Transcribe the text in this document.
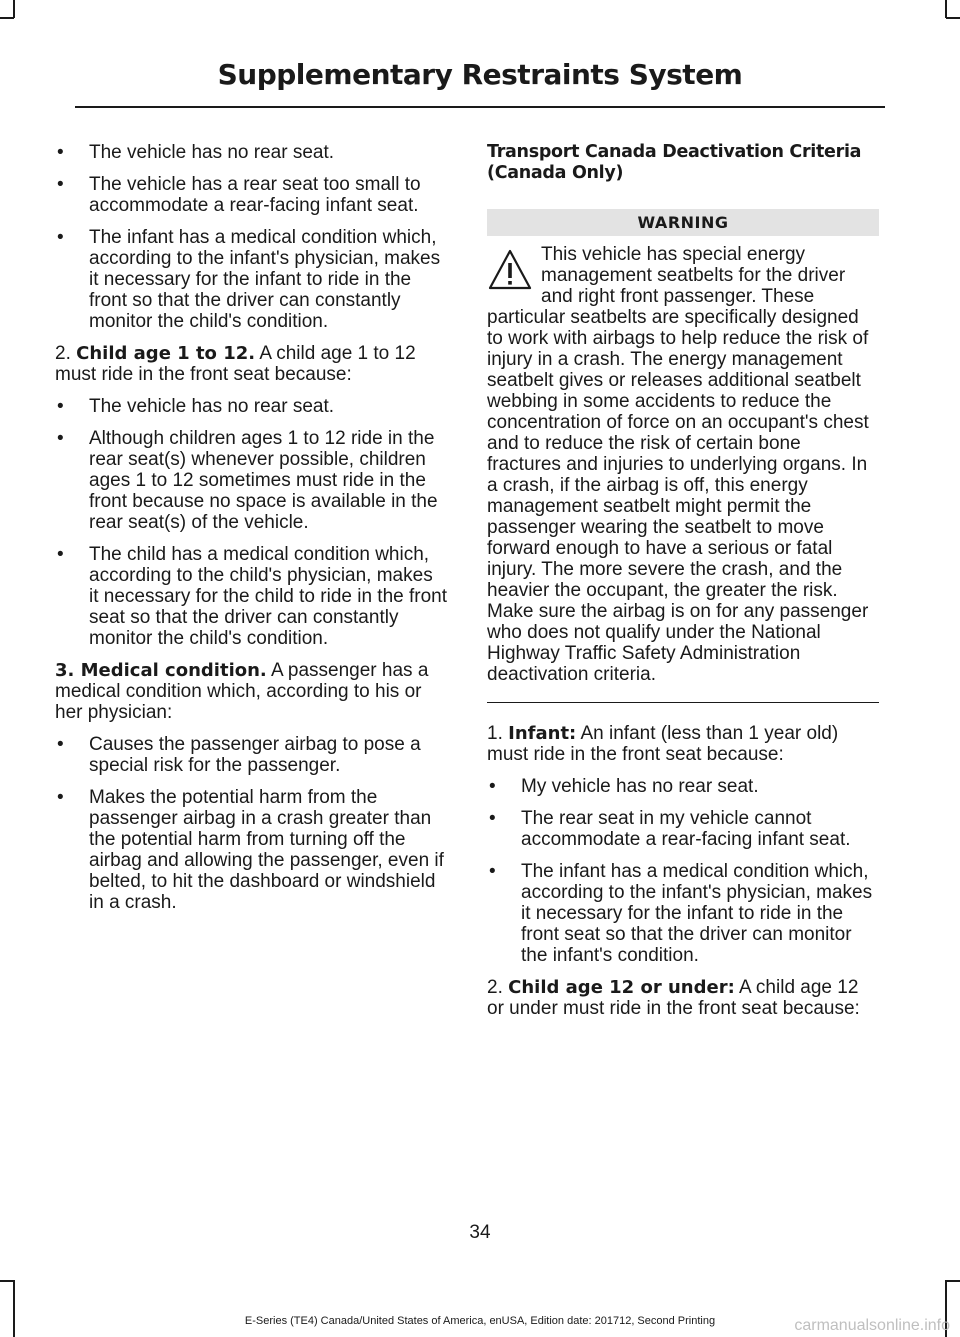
Supplementary Restraints System
• The vehicle has no rear seat.
• The vehicle has a rear seat too small to accommodate a rear-facing infant seat.
• The infant has a medical condition which, according to the infant's physician, makes it necessary for the infant to ride in the front so that the driver can constantly monitor the child's condition.

2. Child age 1 to 12. A child age 1 to 12 must ride in the front seat because:

• The vehicle has no rear seat.
• Although children ages 1 to 12 ride in the rear seat(s) whenever possible, children ages 1 to 12 sometimes must ride in the front because no space is available in the rear seat(s) of the vehicle.
• The child has a medical condition which, according to the child's physician, makes it necessary for the child to ride in the front seat so that the driver can constantly monitor the child's condition.

3. Medical condition. A passenger has a medical condition which, according to his or her physician:

• Causes the passenger airbag to pose a special risk for the passenger.
• Makes the potential harm from the passenger airbag in a crash greater than the potential harm from turning off the airbag and allowing the passenger, even if belted, to hit the dashboard or windshield in a crash.
Transport Canada Deactivation Criteria (Canada Only)
WARNING
This vehicle has special energy management seatbelts for the driver and right front passenger. These particular seatbelts are specifically designed to work with airbags to help reduce the risk of injury in a crash. The energy management seatbelt gives or releases additional seatbelt webbing in some accidents to reduce the concentration of force on an occupant's chest and to reduce the risk of certain bone fractures and injuries to underlying organs. In a crash, if the airbag is off, this energy management seatbelt might permit the passenger wearing the seatbelt to move forward enough to have a serious or fatal injury. The more severe the crash, and the heavier the occupant, the greater the risk. Make sure the airbag is on for any passenger who does not qualify under the National Highway Traffic Safety Administration deactivation criteria.

1. Infant: An infant (less than 1 year old) must ride in the front seat because:

• My vehicle has no rear seat.
• The rear seat in my vehicle cannot accommodate a rear-facing infant seat.
• The infant has a medical condition which, according to the infant's physician, makes it necessary for the infant to ride in the front seat so that the driver can monitor the infant's condition.

2. Child age 12 or under: A child age 12 or under must ride in the front seat because:

34
E-Series (TE4) Canada/United States of America, enUSA, Edition date: 201712, Second Printing	carmanualsonline.info
